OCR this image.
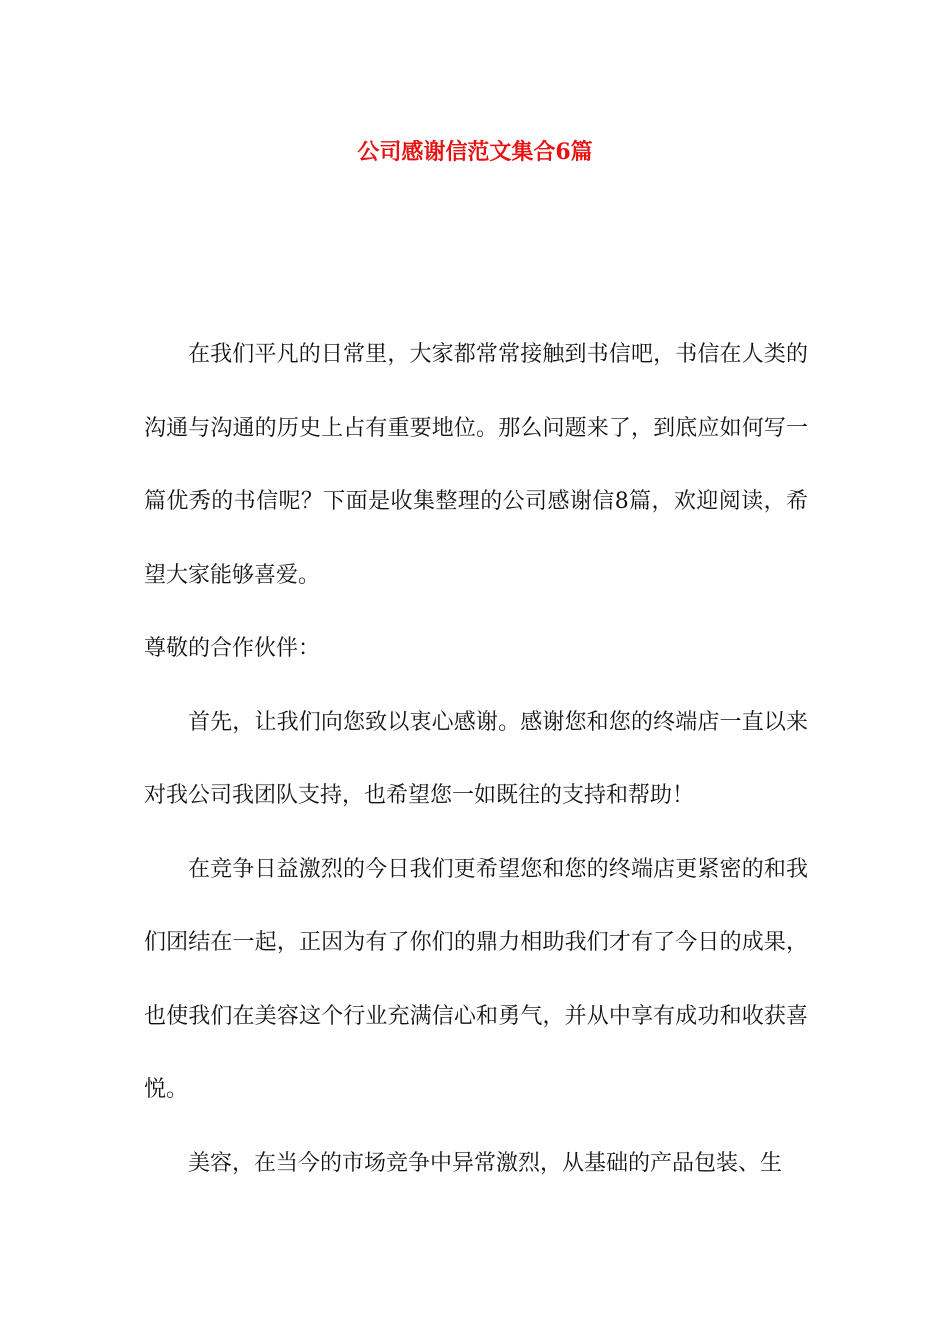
公司感谢信范文集合6篇

在我们平凡的日常里，大家都常常接触到书信吧，书信在人类的沟通与沟通的历史上占有重要地位。那么问题来了，到底应如何写一篇优秀的书信呢？下面是收集整理的公司感谢信8篇，欢迎阅读，希望大家能够喜爱。

尊敬的合作伙伴：

首先，让我们向您致以衷心感谢。感谢您和您的终端店一直以来对我公司我团队支持，也希望您一如既往的支持和帮助！

在竞争日益激烈的今日我们更希望您和您的终端店更紧密的和我们团结在一起，正因为有了你们的鼎力相助我们才有了今日的成果，也使我们在美容这个行业充满信心和勇气，并从中享有成功和收获喜悦。

美容，在当今的市场竞争中异常激烈，从基础的产品包装、生
